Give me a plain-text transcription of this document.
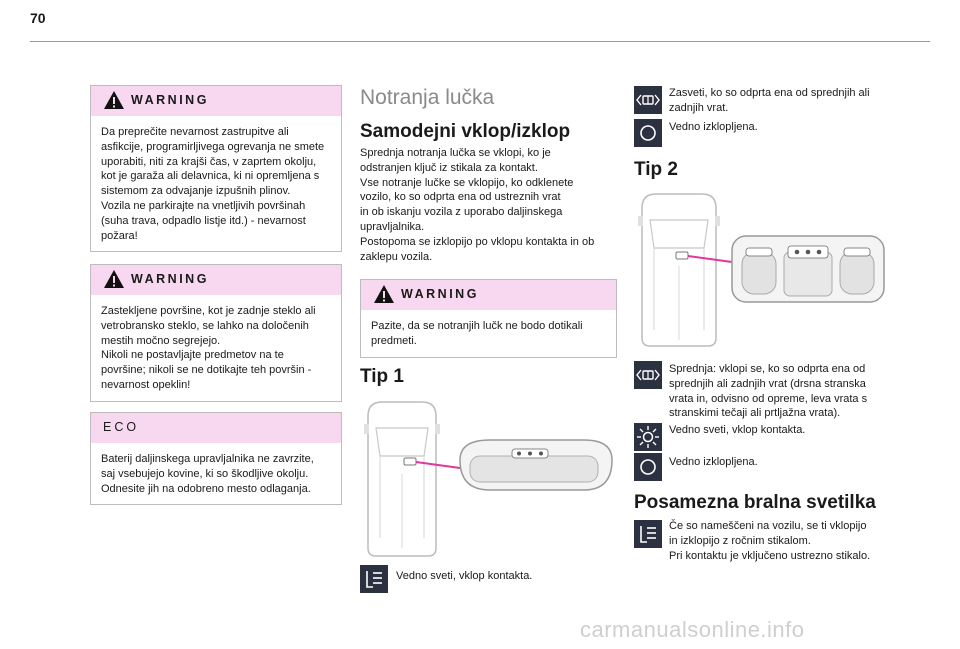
70
WARNING
Da preprečite nevarnost zastrupitve ali
asfikcije, programirljivega ogrevanja ne smete
uporabiti, niti za krajši čas, v zaprtem okolju,
kot je garaža ali delavnica, ki ni opremljena s
sistemom za odvajanje izpušnih plinov.
Vozila ne parkirajte na vnetljivih površinah
(suha trava, odpadlo listje itd.) - nevarnost
požara!
WARNING
Zastekljene površine, kot je zadnje steklo ali
vetrobransko steklo, se lahko na določenih
mestih močno segrejejo.
Nikoli ne postavljajte predmetov na te
površine; nikoli se ne dotikajte teh površin -
nevarnost opeklin!
ECO
Baterij daljinskega upravljalnika ne zavrzite,
saj vsebujejo kovine, ki so škodljive okolju.
Odnesite jih na odobreno mesto odlaganja.
Notranja lučka
Samodejni vklop/izklop
Sprednja notranja lučka se vklopi, ko je
odstranjen ključ iz stikala za kontakt.
Vse notranje lučke se vklopijo, ko odklenete
vozilo, ko so odprta ena od ustreznih vrat
in ob iskanju vozila z uporabo daljinskega
upravljalnika.
Postopoma se izklopijo po vklopu kontakta in ob
zaklepu vozila.
WARNING
Pazite, da se notranjih lučk ne bodo dotikali
predmeti.
Tip 1
Vedno sveti, vklop kontakta.
Zasveti, ko so odprta ena od sprednjih ali
zadnjih vrat.
Vedno izklopljena.
Tip 2
Sprednja: vklopi se, ko so odprta ena od
sprednjih ali zadnjih vrat (drsna stranska
vrata in, odvisno od opreme, leva vrata s
stranskimi tečaji ali prtljažna vrata).
Vedno sveti, vklop kontakta.
Vedno izklopljena.
Posamezna bralna svetilka
Če so nameščeni na vozilu, se ti vklopijo
in izklopijo z ročnim stikalom.
Pri kontaktu je vključeno ustrezno stikalo.
carmanualsonline.info
